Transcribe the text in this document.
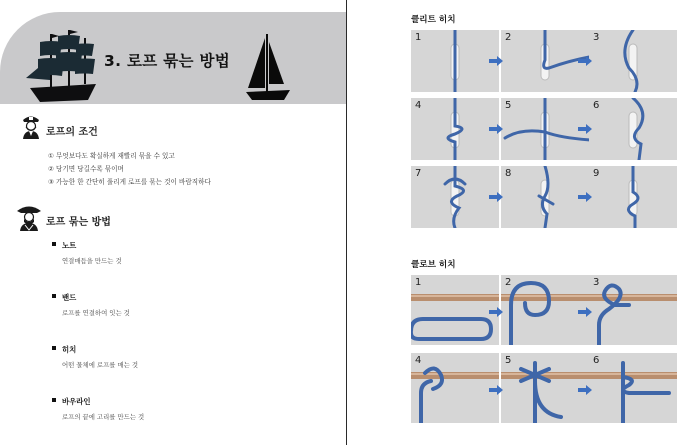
3. 로프 묶는 방법
로프의 조건
① 무엇보다도 확실하게 재빨리 묶을 수 있고
② 당기면 당길수록 묶이며
③ 가능한 한 간단히 풀리게 로프를 묶는 것이 바람직하다
로프 묶는 방법
노트
연결매듭을 만드는 것
밴드
로프를 연결하여 잇는 것
히치
어떤 물체에 로프를 매는 것
바우라인
로프의 끝에 고리를 만드는 것
클리트 히치
1	2	3
4	5	6
7	8	9
클로브 히치
1	2	3
4	5	6
